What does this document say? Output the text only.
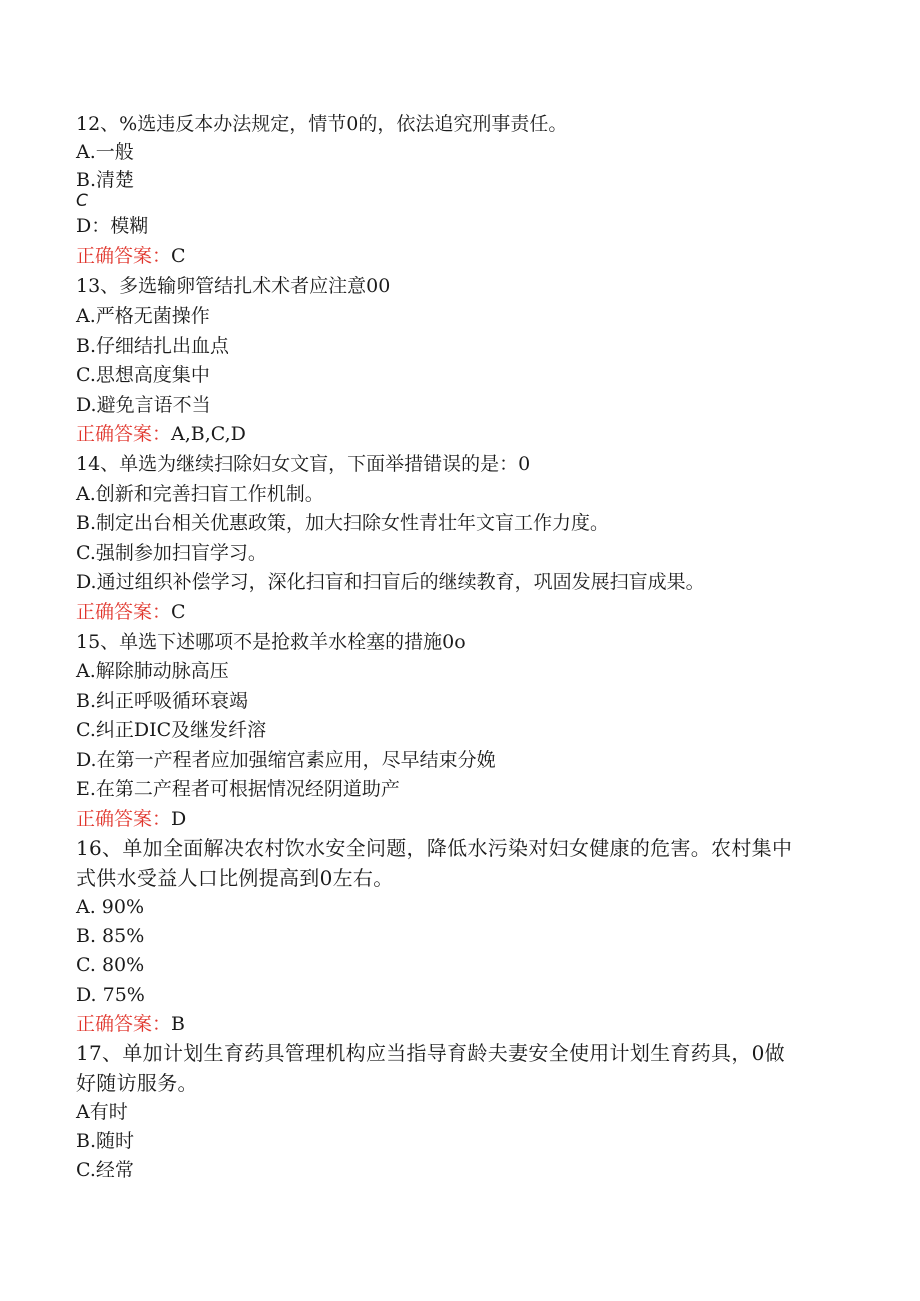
12、%选违反本办法规定，情节0的，依法追究刑事责任。
A.一般
B.清楚
C
D：模糊
正确答案：C
13、多选输卵管结扎术术者应注意00
A.严格无菌操作
B.仔细结扎出血点
C.思想高度集中
D.避免言语不当
正确答案：A,B,C,D
14、单选为继续扫除妇女文盲，下面举措错误的是：0
A.创新和完善扫盲工作机制。
B.制定出台相关优惠政策，加大扫除女性青壮年文盲工作力度。
C.强制参加扫盲学习。
D.通过组织补偿学习，深化扫盲和扫盲后的继续教育，巩固发展扫盲成果。
正确答案：C
15、单选下述哪项不是抢救羊水栓塞的措施0o
A.解除肺动脉高压
B.纠正呼吸循环衰竭
C.纠正DIC及继发纤溶
D.在第一产程者应加强缩宫素应用，尽早结束分娩
E.在第二产程者可根据情况经阴道助产
正确答案：D
16、单加全面解决农村饮水安全问题，降低水污染对妇女健康的危害。农村集中
式供水受益人口比例提高到0左右。
A. 90%
B. 85%
C. 80%
D. 75%
正确答案：B
17、单加计划生育药具管理机构应当指导育龄夫妻安全使用计划生育药具，0做
好随访服务。
A有时
B.随时
C.经常
